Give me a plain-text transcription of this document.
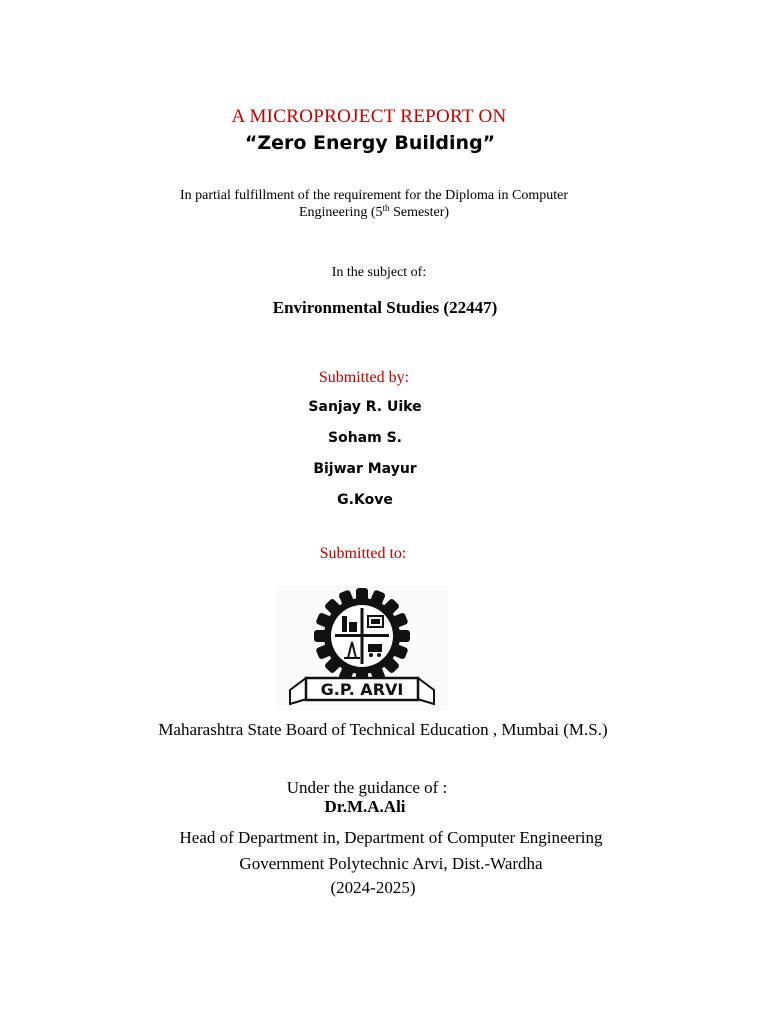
A MICROPROJECT REPORT ON
“Zero Energy Building”
In partial fulfillment of the requirement for the Diploma in Computer
Engineering (5th Semester)
In the subject of:
Environmental Studies (22447)
Submitted by:
Sanjay R. Uike
Soham S.
Bijwar Mayur
G.Kove
Submitted to:
G.P. ARVI
Maharashtra State Board of Technical Education , Mumbai (M.S.)
Under the guidance of :
Dr.M.A.Ali
Head of Department in, Department of Computer Engineering
Government Polytechnic Arvi, Dist.-Wardha
(2024-2025)
